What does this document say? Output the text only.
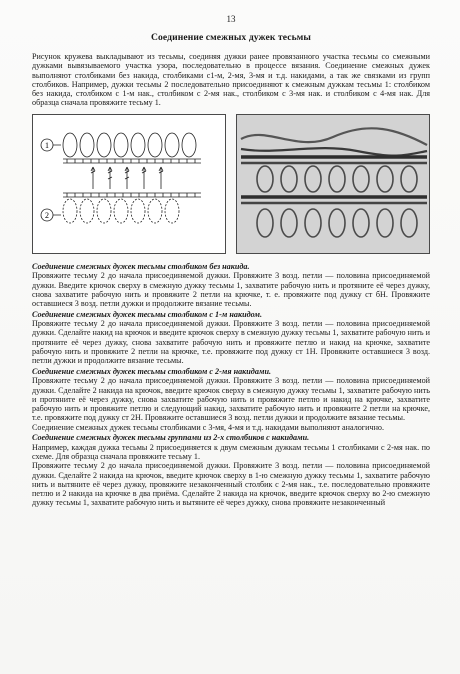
13
Соединение смежных дужек тесьмы

Рисунок кружева выкладывают из тесьмы, соединяя дужки ранее провязанного участка тесьмы со смежными дужками вывязываемого участка узора, последовательно в процессе вязания. Соединение смежных дужек выполняют столбиками без накида, столбиками с1-м, 2-мя, 3-мя и т.д. накидами, а так же связками из групп столбиков. Например, дужки тесьмы 2 последовательно присоединяют к смежным дужкам тесьмы 1: столбиком без накида, столбиком с 1-м нак., столбиком с 2-мя нак., столбиком с 3-мя нак. и столбиком с 4-мя нак. Для образца сначала провяжите тесьму 1.

1
2
Соединение смежных дужек тесьмы столбиком без накида.

Провяжите тесьму 2 до начала присоединяемой дужки. Провяжите 3 возд. петли — половина присоединяемой дужки. Введите крючок сверху в смежную дужку тесьмы 1, захватите рабочую нить и протяните её через дужку, снова захватите рабочую нить и провяжите 2 петли на крючке, т. е. провяжите под дужку ст бН. Провяжите оставшиеся 3 возд. петли дужки и продолжите вязание тесьмы.

Соединение смежных дужек тесьмы столбиком с 1-м накидом.

Провяжите тесьму 2 до начала присоединяемой дужки. Провяжите 3 возд. петли — половина присоединяемой дужки. Сделайте накид на крючок и введите крючок сверху в смежную дужку тесьмы 1, захватите рабочую нить и протяните её через дужку, снова захватите рабочую нить и провяжите петлю и накид на крючке, захватите рабочую нить и провяжите 2 петли на крючке, т.е. провяжите под дужку ст 1Н. Провяжите оставшиеся 3 возд. петли дужки и продолжите вязание тесьмы.

Соединение смежных дужек тесьмы столбиком с 2-мя накидами.

Провяжите тесьму 2 до начала присоединяемой дужки. Провяжите 3 возд. петли — половина присоединяемой дужки. Сделайте 2 накида на крючок, введите крючок сверху в смежную дужку тесьмы 1, захватите рабочую нить и протяните её через дужку, снова захватите рабочую нить и провяжите петлю и накид на крючке, захватите рабочую нить и провяжите петлю и следующий накид, захватите рабочую нить и провяжите 2 петли на крючке, т.е. провяжите под дужку ст 2Н. Провяжите оставшиеся 3 возд. петли дужки и продолжите вязание тесьмы.

Соединение смежных дужек тесьмы столбиками с 3-мя, 4-мя и т.д. накидами выполняют аналогично.

Соединение смежных дужек тесьмы группами из 2-х столбиков с накидами.

Например, каждая дужка тесьмы 2 присоединяется к двум смежным дужкам тесьмы 1 столбиками с 2-мя нак. по схеме. Для образца сначала провяжите тесьму 1.

Провяжите тесьму 2 до начала присоединяемой дужки. Провяжите 3 возд. петли — половина присоединяемой дужки. Сделайте 2 накида на крючок, введите крючок сверху в 1-ю смежную дужку тесьмы 1, захватите рабочую нить и вытяните её через дужку, провяжите незаконченный столбик с 2-мя нак., т.е. последовательно провяжите петлю и 2 накида на крючке в два приёма. Сделайте 2 накида на крючок, введите крючок сверху во 2-ю смежную дужку тесьмы 1, захватите рабочую нить и вытяните её через дужку, снова провяжите незаконченный
